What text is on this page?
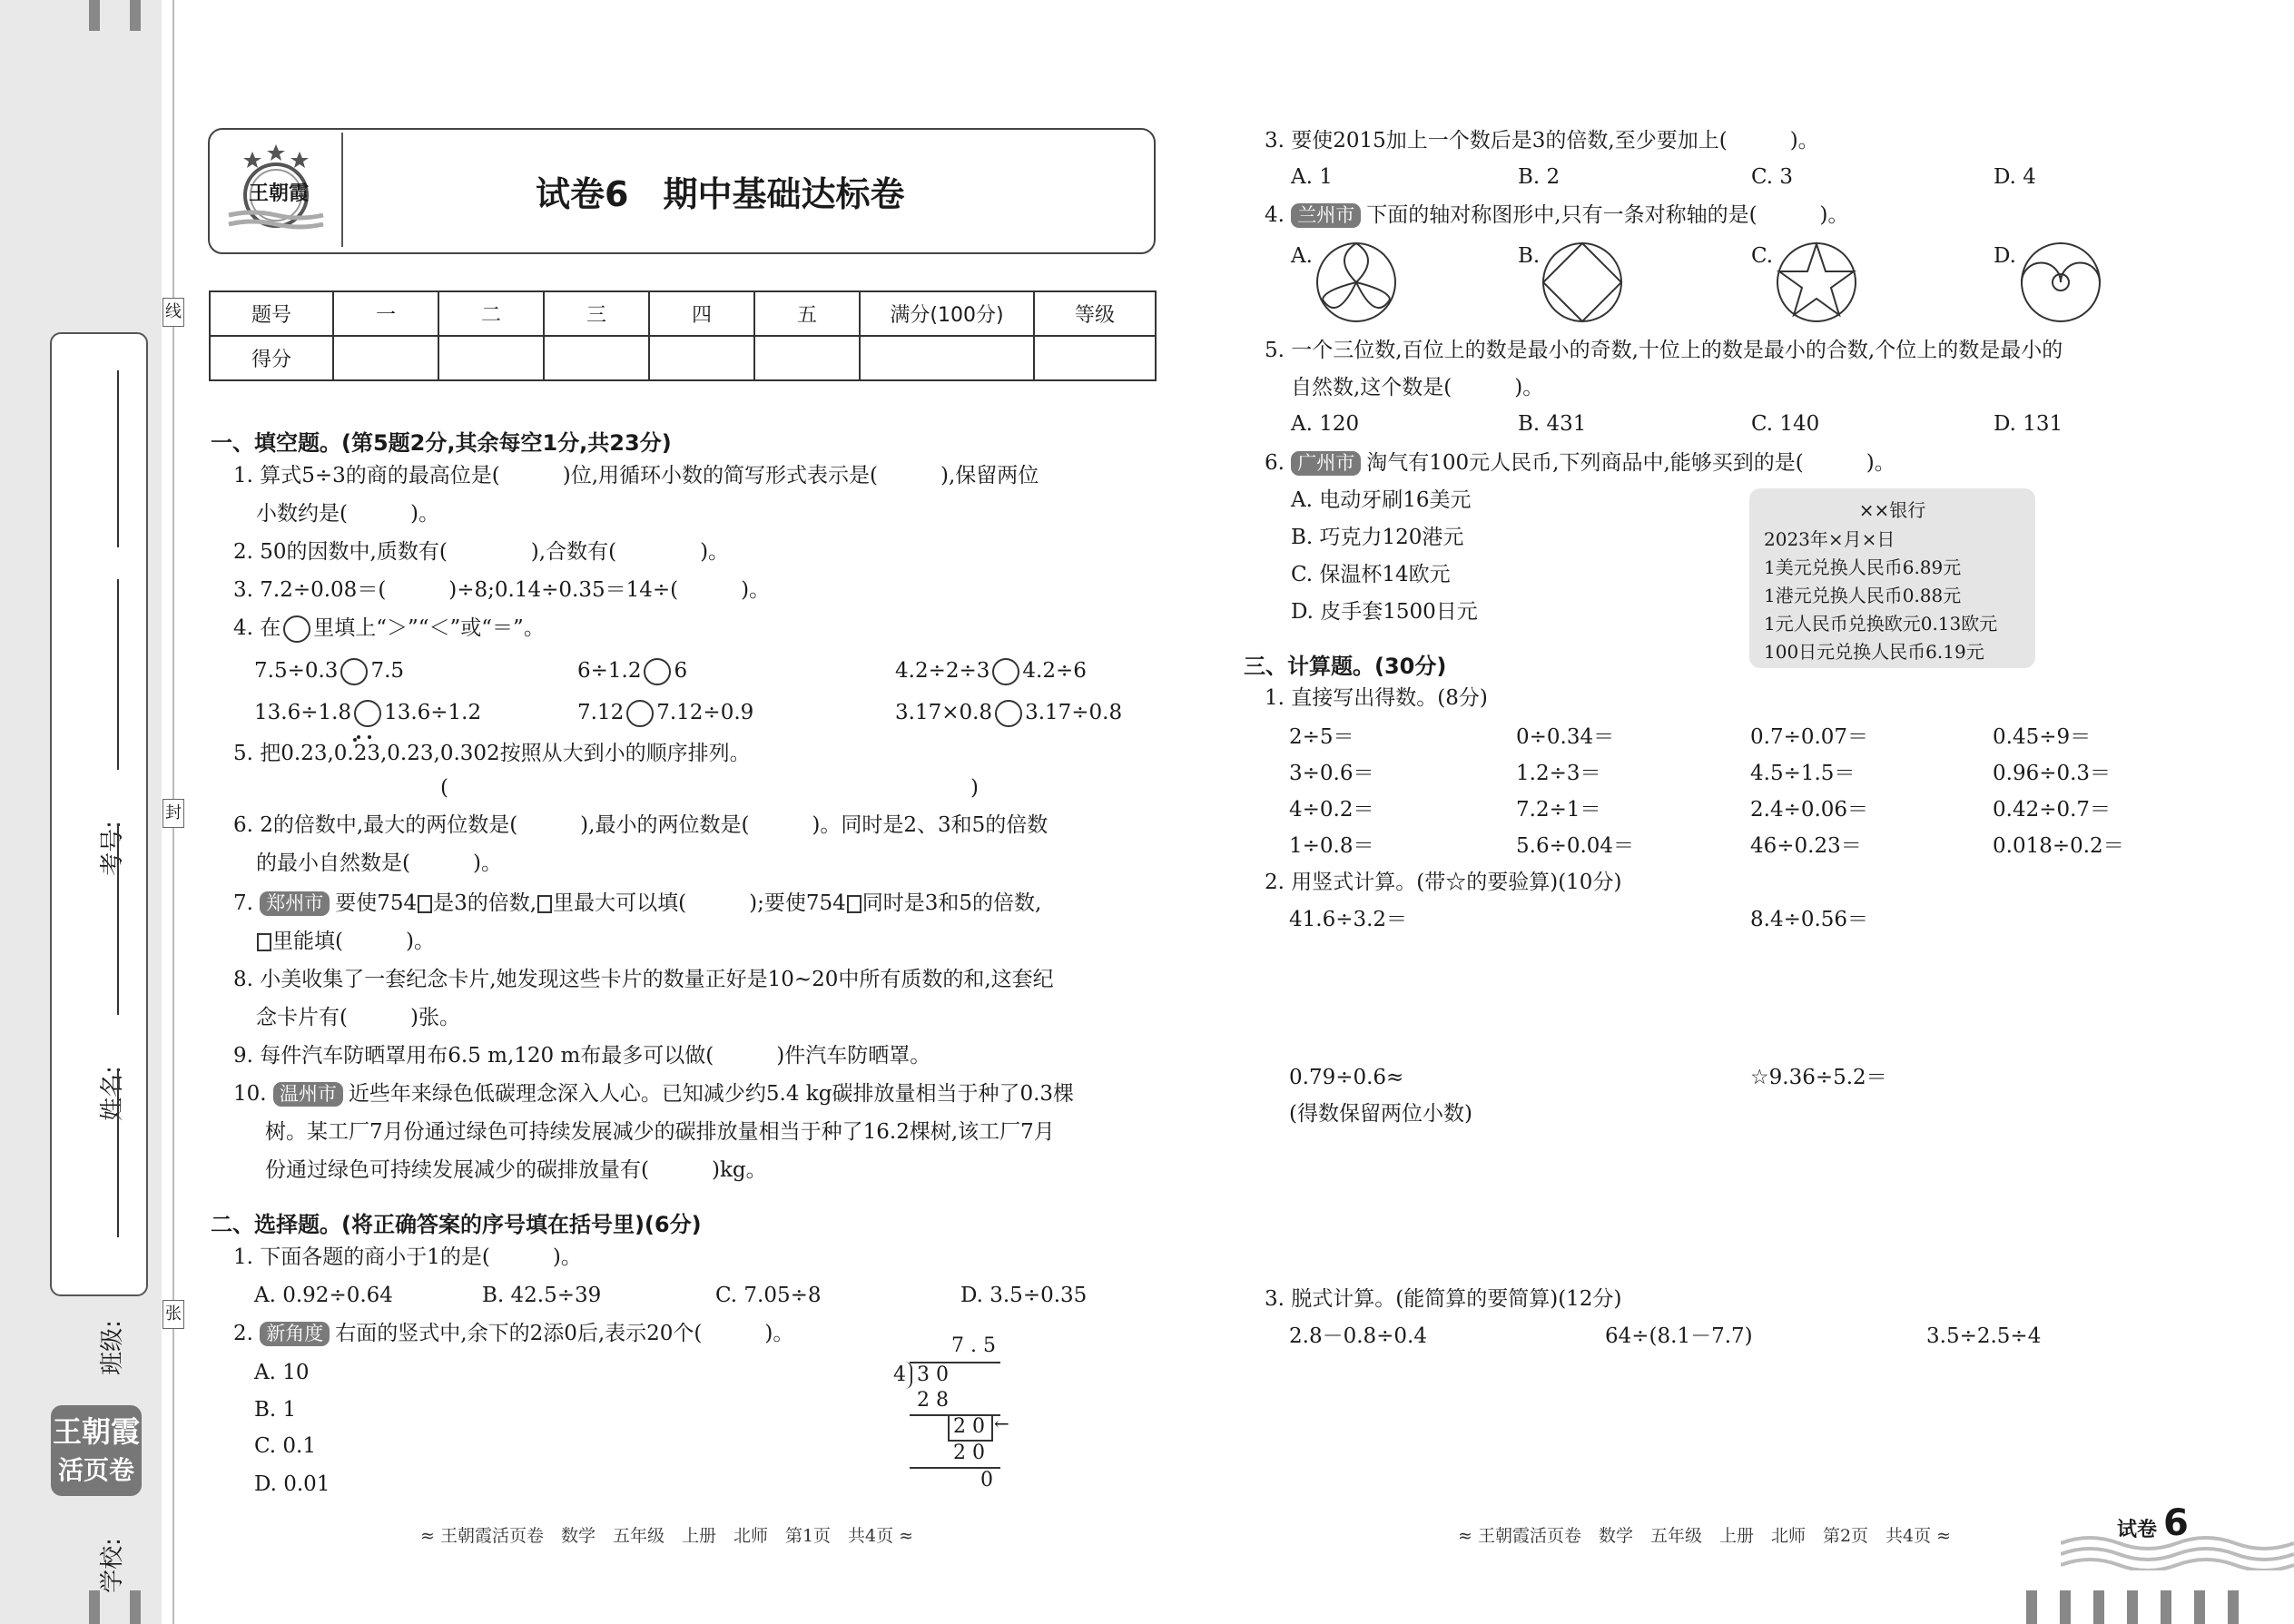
考号:
姓名:
班级:
学校:
线
封
张
王朝霞
活页卷
王朝霞	试卷6　期中基础达标卷
题号	一	二	三	四	五	满分(100分)	等级
得分							
一、填空题。(第5题2分,其余每空1分,共23分)
1. 算式5÷3的商的最高位是(　　　)位,用循环小数的简写形式表示是(　　　),保留两位
小数约是(　　　)。
2. 50的因数中,质数有(　　　　),合数有(　　　　)。
3. 7.2÷0.08＝(　　　)÷8;0.14÷0.35＝14÷(　　　)。
4. 在 里填上“＞”“＜”或“＝”。
7.5÷0.3 7.5	6÷1.2 6	4.2÷2÷3 4.2÷6
13.6÷1.8 13.6÷1.2	7.12 7.12÷0.9	3.17×0.8 3.17÷0.8
5. 把0.23,0.23,0.23,0.302按照从大到小的顺序排列。
(　　　　　　　　　　　　　　　　　　　　　　　　　)
6. 2的倍数中,最大的两位数是(　　　),最小的两位数是(　　　)。同时是2、3和5的倍数
的最小自然数是(　　　)。
7. 郑州市 要使754 是3的倍数, 里最大可以填(　　　);要使754 同时是3和5的倍数,
里能填(　　　)。
8. 小美收集了一套纪念卡片,她发现这些卡片的数量正好是10~20中所有质数的和,这套纪
念卡片有(　　　)张。
9. 每件汽车防晒罩用布6.5 m,120 m布最多可以做(　　　)件汽车防晒罩。
10. 温州市 近些年来绿色低碳理念深入人心。已知减少约5.4 kg碳排放量相当于种了0.3棵
树。某工厂7月份通过绿色可持续发展减少的碳排放量相当于种了16.2棵树,该工厂7月
份通过绿色可持续发展减少的碳排放量有(　　　)kg。
二、选择题。(将正确答案的序号填在括号里)(6分)
1. 下面各题的商小于1的是(　　　)。
A. 0.92÷0.64	B. 42.5÷39	C. 7.05÷8	D. 3.5÷0.35
2. 新角度 右面的竖式中,余下的2添0后,表示20个(　　　)。
A. 10
B. 1
C. 0.1
D. 0.01
7 . 5
4 3 0
2 8
2 0 ←
2 0
0
≈ 王朝霞活页卷　数学　五年级　上册　北师　第1页　共4页 ≈
3. 要使2015加上一个数后是3的倍数,至少要加上(　　　)。
A. 1	B. 2	C. 3	D. 4
4. 兰州市 下面的轴对称图形中,只有一条对称轴的是(　　　)。
A.	B.	C.	D.
5. 一个三位数,百位上的数是最小的奇数,十位上的数是最小的合数,个位上的数是最小的
自然数,这个数是(　　　)。
A. 120	B. 431	C. 140	D. 131
6. 广州市 淘气有100元人民币,下列商品中,能够买到的是(　　　)。
A. 电动牙刷16美元
B. 巧克力120港元
C. 保温杯14欧元
D. 皮手套1500日元
××银行
2023年×月×日
1美元兑换人民币6.89元
1港元兑换人民币0.88元
1元人民币兑换欧元0.13欧元
100日元兑换人民币6.19元
三、计算题。(30分)
1. 直接写出得数。(8分)
2÷5＝	0÷0.34＝	0.7÷0.07＝	0.45÷9＝
3÷0.6＝	1.2÷3＝	4.5÷1.5＝	0.96÷0.3＝
4÷0.2＝	7.2÷1＝	2.4÷0.06＝	0.42÷0.7＝
1÷0.8＝	5.6÷0.04＝	46÷0.23＝	0.018÷0.2＝
2. 用竖式计算。(带☆的要验算)(10分)
41.6÷3.2＝	8.4÷0.56＝
0.79÷0.6≈	☆9.36÷5.2＝
(得数保留两位小数)
3. 脱式计算。(能简算的要简算)(12分)
2.8－0.8÷0.4	64÷(8.1－7.7)	3.5÷2.5÷4
≈ 王朝霞活页卷　数学　五年级　上册　北师　第2页　共4页 ≈	试卷 6
